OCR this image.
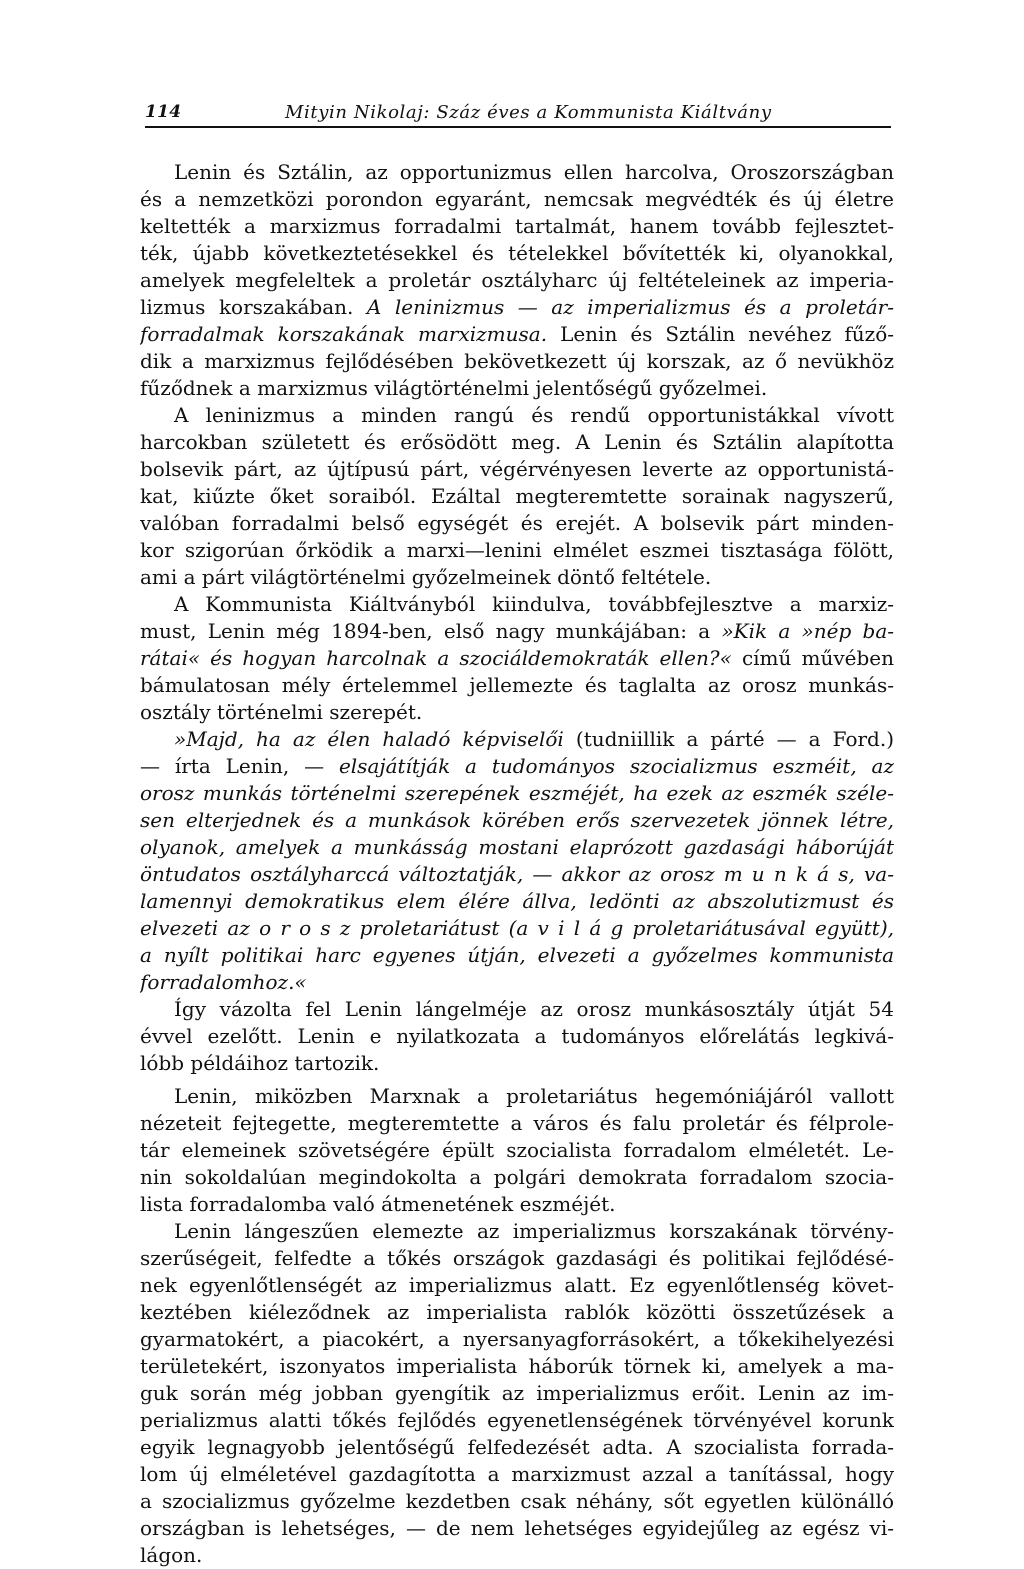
114	Mityin Nikolaj: Száz éves a Kommunista Kiáltvány
Lenin és Sztálin, az opportunizmus ellen harcolva, Oroszországban
és a nemzetközi porondon egyaránt, nemcsak megvédték és új életre
keltették a marxizmus forradalmi tartalmát, hanem tovább fejlesztet-
ték, újabb következtetésekkel és tételekkel bővítették ki, olyanokkal,
amelyek megfeleltek a proletár osztályharc új feltételeinek az imperia-
lizmus korszakában. A leninizmus — az imperializmus és a proletár-
forradalmak korszakának marxizmusa. Lenin és Sztálin nevéhez fűző-
dik a marxizmus fejlődésében bekövetkezett új korszak, az ő nevükhöz
fűződnek a marxizmus világtörténelmi jelentőségű győzelmei.
A leninizmus a minden rangú és rendű opportunistákkal vívott
harcokban született és erősödött meg. A Lenin és Sztálin alapította
bolsevik párt, az újtípusú párt, végérvényesen leverte az opportunistá-
kat, kiűzte őket soraiból. Ezáltal megteremtette sorainak nagyszerű,
valóban forradalmi belső egységét és erejét. A bolsevik párt minden-
kor szigorúan őrködik a marxi—lenini elmélet eszmei tisztasága fölött,
ami a párt világtörténelmi győzelmeinek döntő feltétele.
A Kommunista Kiáltványból kiindulva, továbbfejlesztve a marxiz-
must, Lenin még 1894-ben, első nagy munkájában: a »Kik a »nép ba-
rátai« és hogyan harcolnak a szociáldemokraták ellen?« című művében
bámulatosan mély értelemmel jellemezte és taglalta az orosz munkás-
osztály történelmi szerepét.
»Majd, ha az élen haladó képviselői (tudniillik a párté — a Ford.)
— írta Lenin, — elsajátítják a tudományos szocializmus eszméit, az
orosz munkás történelmi szerepének eszméjét, ha ezek az eszmék széle-
sen elterjednek és a munkások körében erős szervezetek jönnek létre,
olyanok, amelyek a munkásság mostani elaprózott gazdasági háborúját
öntudatos osztályharccá változtatják, — akkor az orosz m u n k á s, va-
lamennyi demokratikus elem élére állva, ledönti az abszolutizmust és
elvezeti az o r o s z proletariátust (a v i l á g proletariátusával együtt),
a nyílt politikai harc egyenes útján, elvezeti a győzelmes kommunista
forradalomhoz.«
Így vázolta fel Lenin lángelméje az orosz munkásosztály útját 54
évvel ezelőtt. Lenin e nyilatkozata a tudományos előrelátás legkivá-
lóbb példáihoz tartozik.
Lenin, miközben Marxnak a proletariátus hegemóniájáról vallott
nézeteit fejtegette, megteremtette a város és falu proletár és félprole-
tár elemeinek szövetségére épült szocialista forradalom elméletét. Le-
nin sokoldalúan megindokolta a polgári demokrata forradalom szocia-
lista forradalomba való átmenetének eszméjét.
Lenin lángeszűen elemezte az imperializmus korszakának törvény-
szerűségeit, felfedte a tőkés országok gazdasági és politikai fejlődésé-
nek egyenlőtlenségét az imperializmus alatt. Ez egyenlőtlenség követ-
keztében kiéleződnek az imperialista rablók közötti összetűzések a
gyarmatokért, a piacokért, a nyersanyagforrásokért, a tőkekihelyezési
területekért, iszonyatos imperialista háborúk törnek ki, amelyek a ma-
guk során még jobban gyengítik az imperializmus erőit. Lenin az im-
perializmus alatti tőkés fejlődés egyenetlenségének törvényével korunk
egyik legnagyobb jelentőségű felfedezését adta. A szocialista forrada-
lom új elméletével gazdagította a marxizmust azzal a tanítással, hogy
a szocializmus győzelme kezdetben csak néhány, sőt egyetlen különálló
országban is lehetséges, — de nem lehetséges egyidejűleg az egész vi-
lágon.
